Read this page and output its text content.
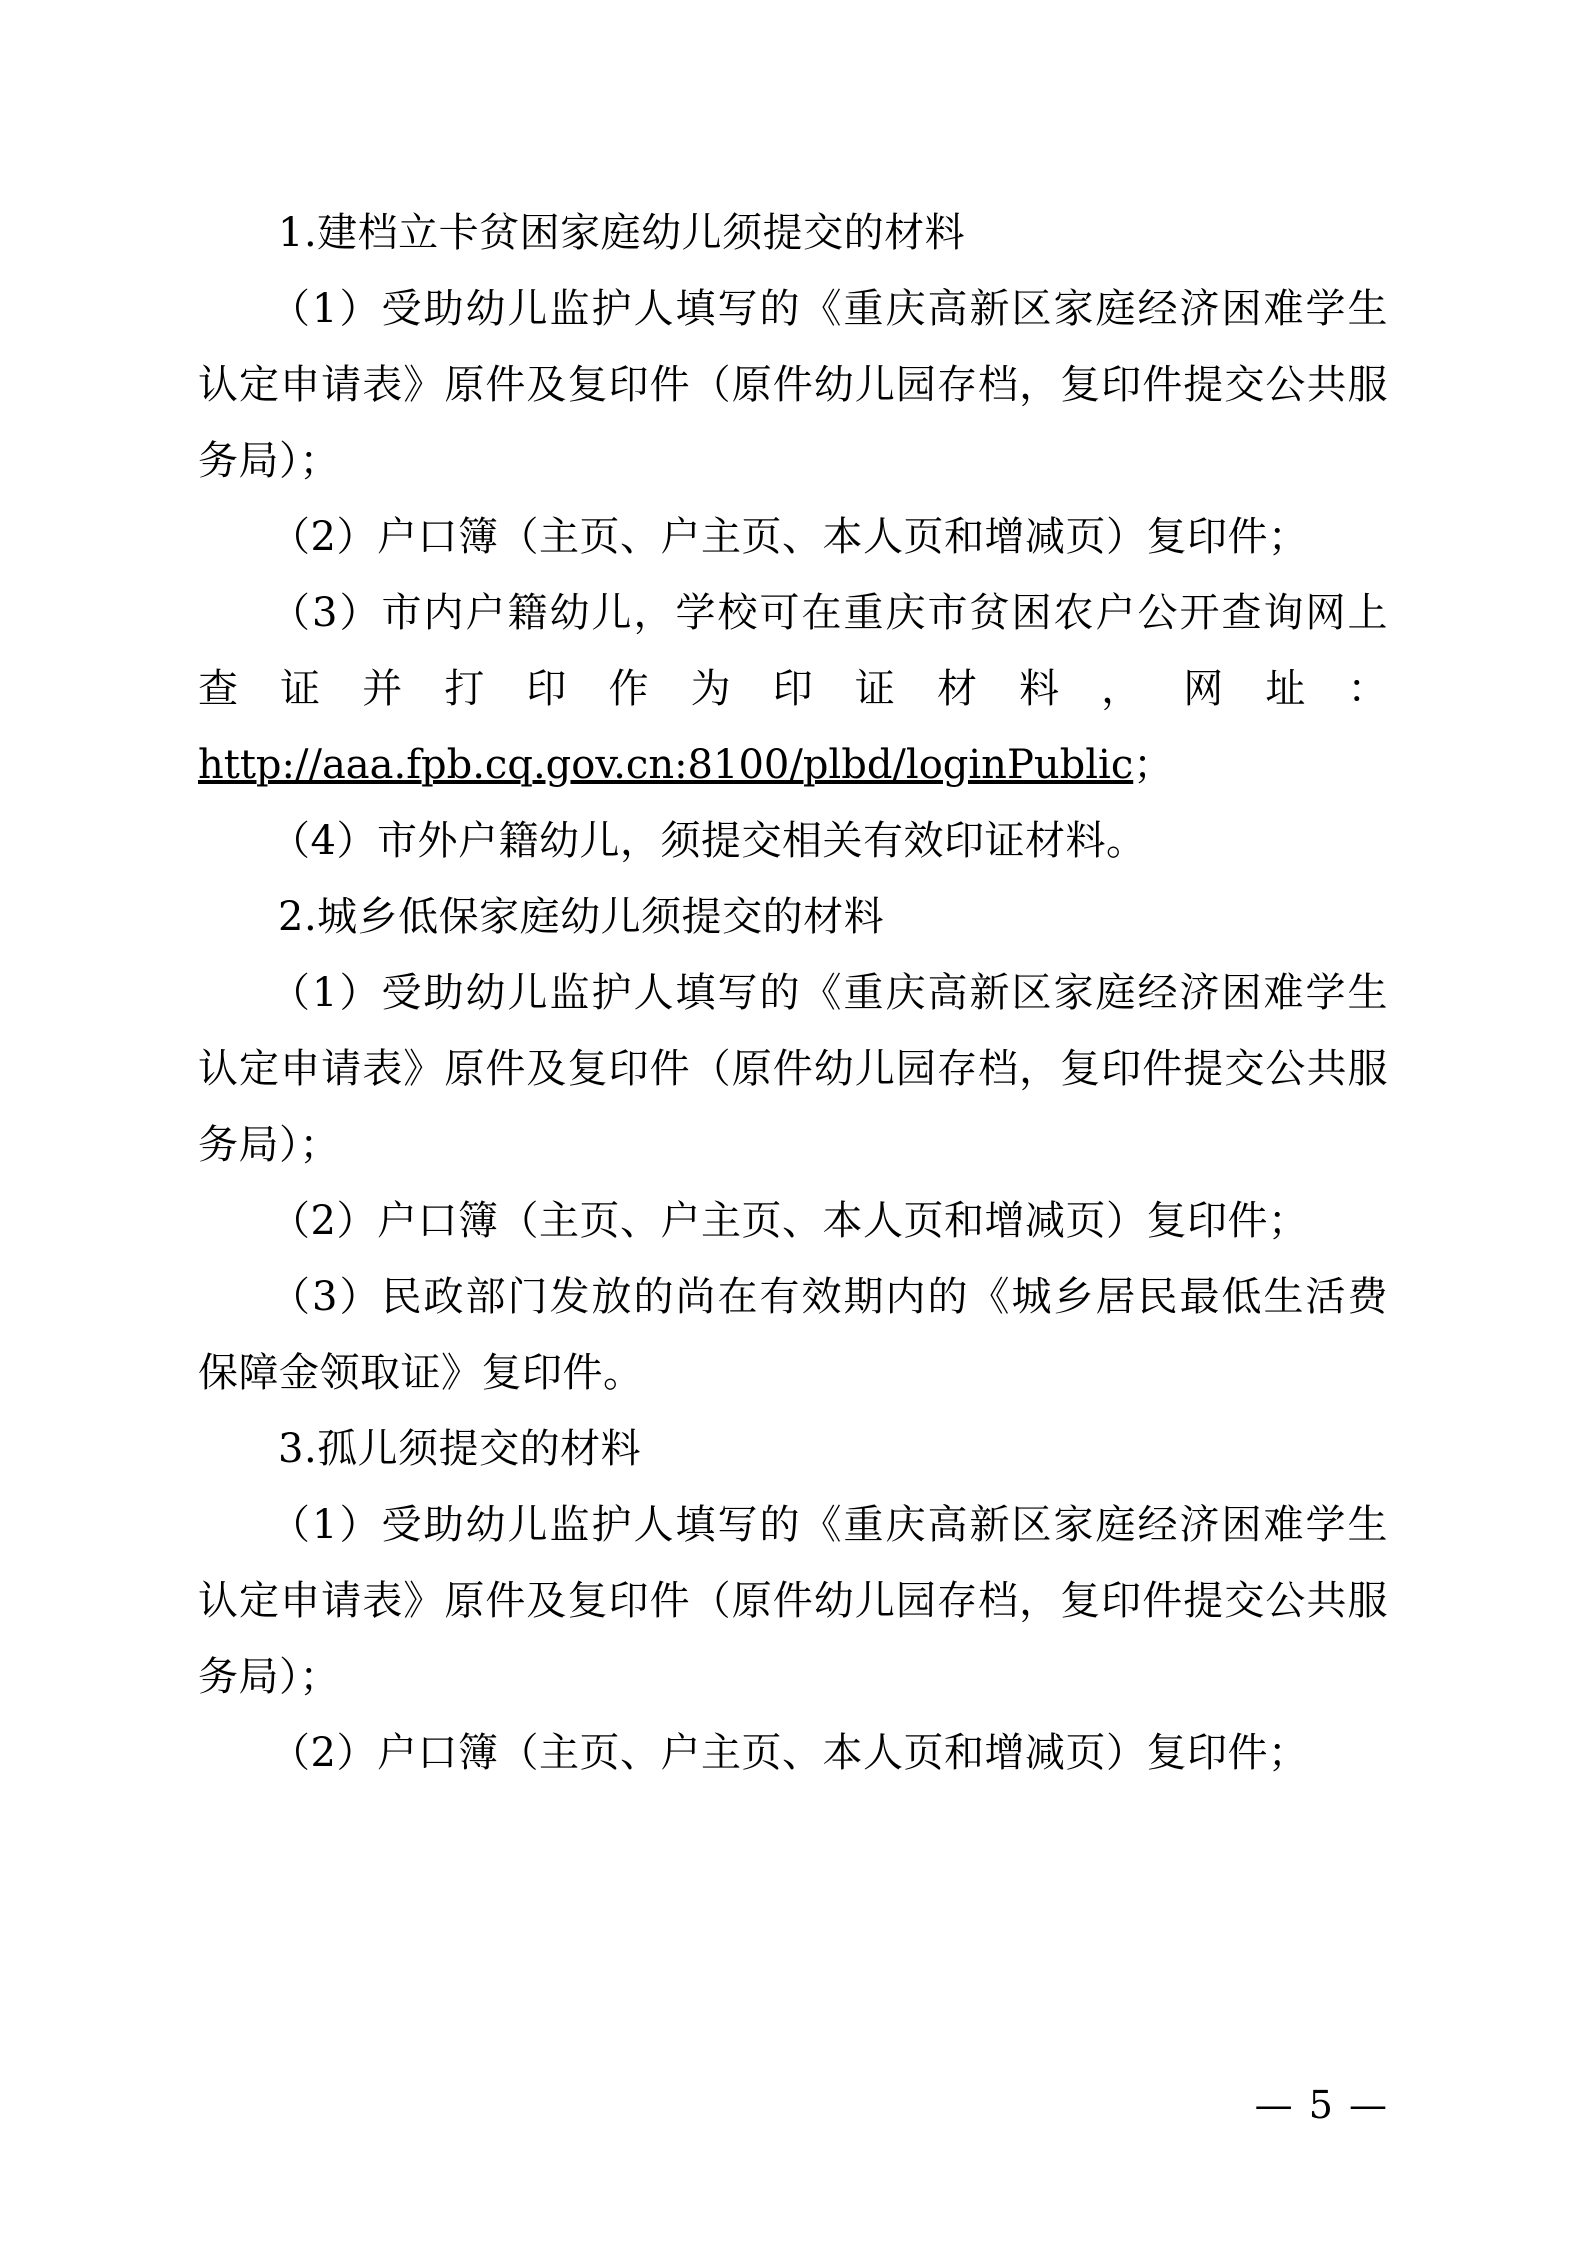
1.建档立卡贫困家庭幼儿须提交的材料

（1）受助幼儿监护人填写的《重庆高新区家庭经济困难学生认定申请表》原件及复印件（原件幼儿园存档，复印件提交公共服务局）；

（2）户口簿（主页、户主页、本人页和增减页）复印件；

（3）市内户籍幼儿，学校可在重庆市贫困农户公开查询网上查证并打印作为印证材料，网址：

http://aaa.fpb.cq.gov.cn:8100/plbd/loginPublic；

（4）市外户籍幼儿，须提交相关有效印证材料。

2.城乡低保家庭幼儿须提交的材料

（1）受助幼儿监护人填写的《重庆高新区家庭经济困难学生认定申请表》原件及复印件（原件幼儿园存档，复印件提交公共服务局）；

（2）户口簿（主页、户主页、本人页和增减页）复印件；

（3）民政部门发放的尚在有效期内的《城乡居民最低生活费保障金领取证》复印件。

3.孤儿须提交的材料

（1）受助幼儿监护人填写的《重庆高新区家庭经济困难学生认定申请表》原件及复印件（原件幼儿园存档，复印件提交公共服务局）；

（2）户口簿（主页、户主页、本人页和增减页）复印件；

— 5 —
